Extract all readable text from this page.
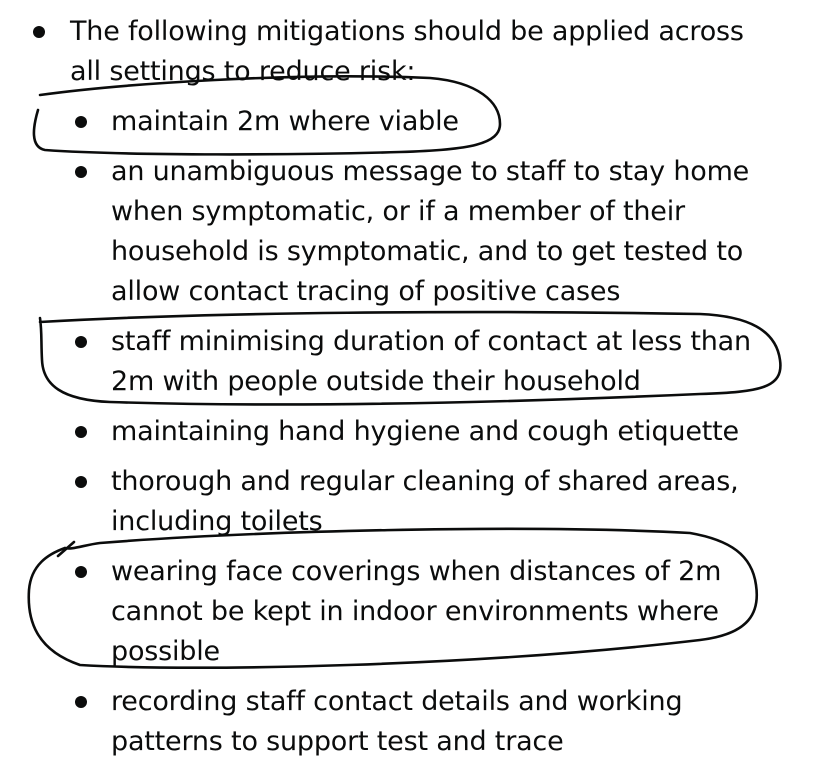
The following mitigations should be applied across
all settings to reduce risk:
maintain 2m where viable
an unambiguous message to staff to stay home
when symptomatic, or if a member of their
household is symptomatic, and to get tested to
allow contact tracing of positive cases
staff minimising duration of contact at less than
2m with people outside their household
maintaining hand hygiene and cough etiquette
thorough and regular cleaning of shared areas,
including toilets
wearing face coverings when distances of 2m
cannot be kept in indoor environments where
possible
recording staff contact details and working
patterns to support test and trace
